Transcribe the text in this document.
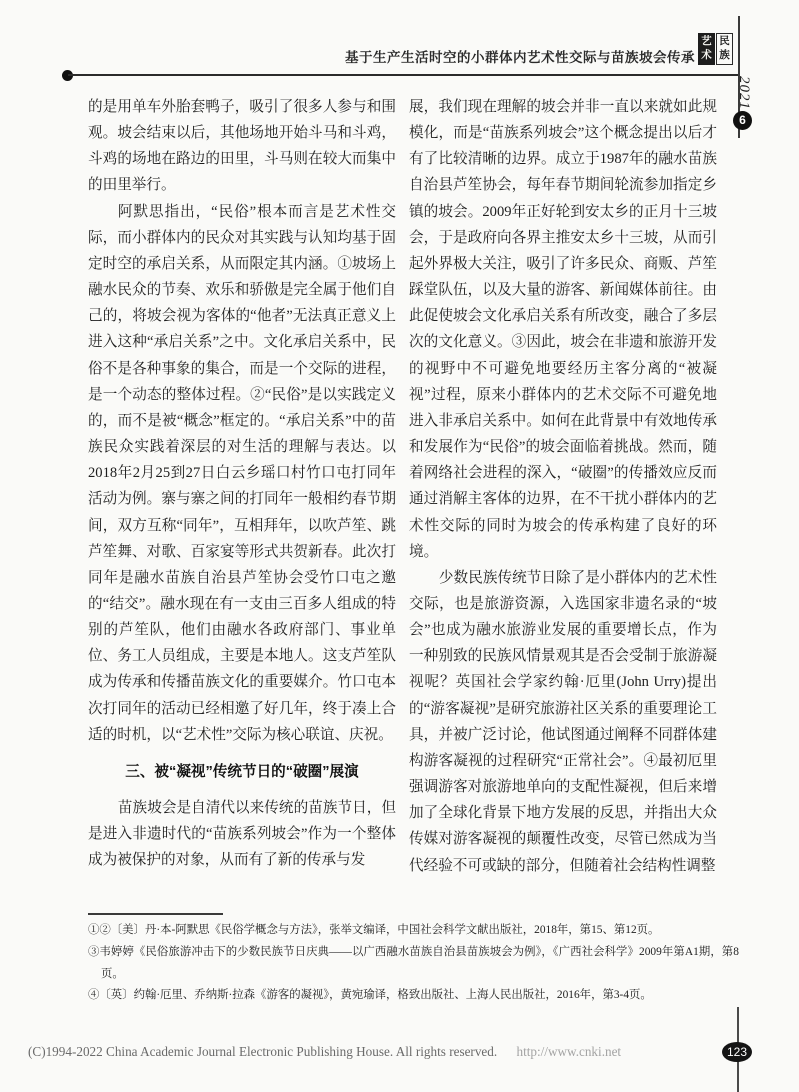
基于生产生活时空的小群体内艺术性交际与苗族坡会传承
艺术
民族
2021
6

的是用单车外胎套鸭子，吸引了很多人参与和围观。坡会结束以后，其他场地开始斗马和斗鸡，斗鸡的场地在路边的田里，斗马则在较大而集中的田里举行。

阿默思指出，“民俗”根本而言是艺术性交际，而小群体内的民众对其实践与认知均基于固定时空的承启关系，从而限定其内涵。①坡场上融水民众的节奏、欢乐和骄傲是完全属于他们自己的，将坡会视为客体的“他者”无法真正意义上进入这种“承启关系”之中。文化承启关系中，民俗不是各种事象的集合，而是一个交际的进程，是一个动态的整体过程。②“民俗”是以实践定义的，而不是被“概念”框定的。“承启关系”中的苗族民众实践着深层的对生活的理解与表达。以2018年2月25到27日白云乡瑶口村竹口屯打同年活动为例。寨与寨之间的打同年一般相约春节期间，双方互称“同年”，互相拜年，以吹芦笙、跳芦笙舞、对歌、百家宴等形式共贺新春。此次打同年是融水苗族自治县芦笙协会受竹口屯之邀的“结交”。融水现在有一支由三百多人组成的特别的芦笙队，他们由融水各政府部门、事业单位、务工人员组成，主要是本地人。这支芦笙队成为传承和传播苗族文化的重要媒介。竹口屯本次打同年的活动已经相邀了好几年，终于凑上合适的时机，以“艺术性”交际为核心联谊、庆祝。

三、被“凝视”传统节日的“破圈”展演

苗族坡会是自清代以来传统的苗族节日，但是进入非遗时代的“苗族系列坡会”作为一个整体成为被保护的对象，从而有了新的传承与发

展，我们现在理解的坡会并非一直以来就如此规模化，而是“苗族系列坡会”这个概念提出以后才有了比较清晰的边界。成立于1987年的融水苗族自治县芦笙协会，每年春节期间轮流参加指定乡镇的坡会。2009年正好轮到安太乡的正月十三坡会，于是政府向各界主推安太乡十三坡，从而引起外界极大关注，吸引了许多民众、商贩、芦笙踩堂队伍，以及大量的游客、新闻媒体前往。由此促使坡会文化承启关系有所改变，融合了多层次的文化意义。③因此，坡会在非遗和旅游开发的视野中不可避免地要经历主客分离的“被凝视”过程，原来小群体内的艺术交际不可避免地进入非承启关系中。如何在此背景中有效地传承和发展作为“民俗”的坡会面临着挑战。然而，随着网络社会进程的深入，“破圈”的传播效应反而通过消解主客体的边界，在不干扰小群体内的艺术性交际的同时为坡会的传承构建了良好的环境。

少数民族传统节日除了是小群体内的艺术性交际，也是旅游资源，入选国家非遗名录的“坡会”也成为融水旅游业发展的重要增长点，作为一种别致的民族风情景观其是否会受制于旅游凝视呢？英国社会学家约翰·厄里(John Urry)提出的“游客凝视”是研究旅游社区关系的重要理论工具，并被广泛讨论，他试图通过阐释不同群体建构游客凝视的过程研究“正常社会”。④最初厄里强调游客对旅游地单向的支配性凝视，但后来增加了全球化背景下地方发展的反思，并指出大众传媒对游客凝视的颠覆性改变，尽管已然成为当代经验不可或缺的部分，但随着社会结构性调整

①②〔美〕丹·本-阿默思《民俗学概念与方法》，张举文编译，中国社会科学文献出版社，2018年，第15、第12页。

③韦婷婷《民俗旅游冲击下的少数民族节日庆典——以广西融水苗族自治县苗族坡会为例》，《广西社会科学》2009年第A1期，第8页。

④〔英〕约翰·厄里、乔纳斯·拉森《游客的凝视》，黄宛瑜译，格致出版社、上海人民出版社，2016年，第3-4页。

(C)1994-2022 China Academic Journal Electronic Publishing House. All rights reserved. http://www.cnki.net	123
